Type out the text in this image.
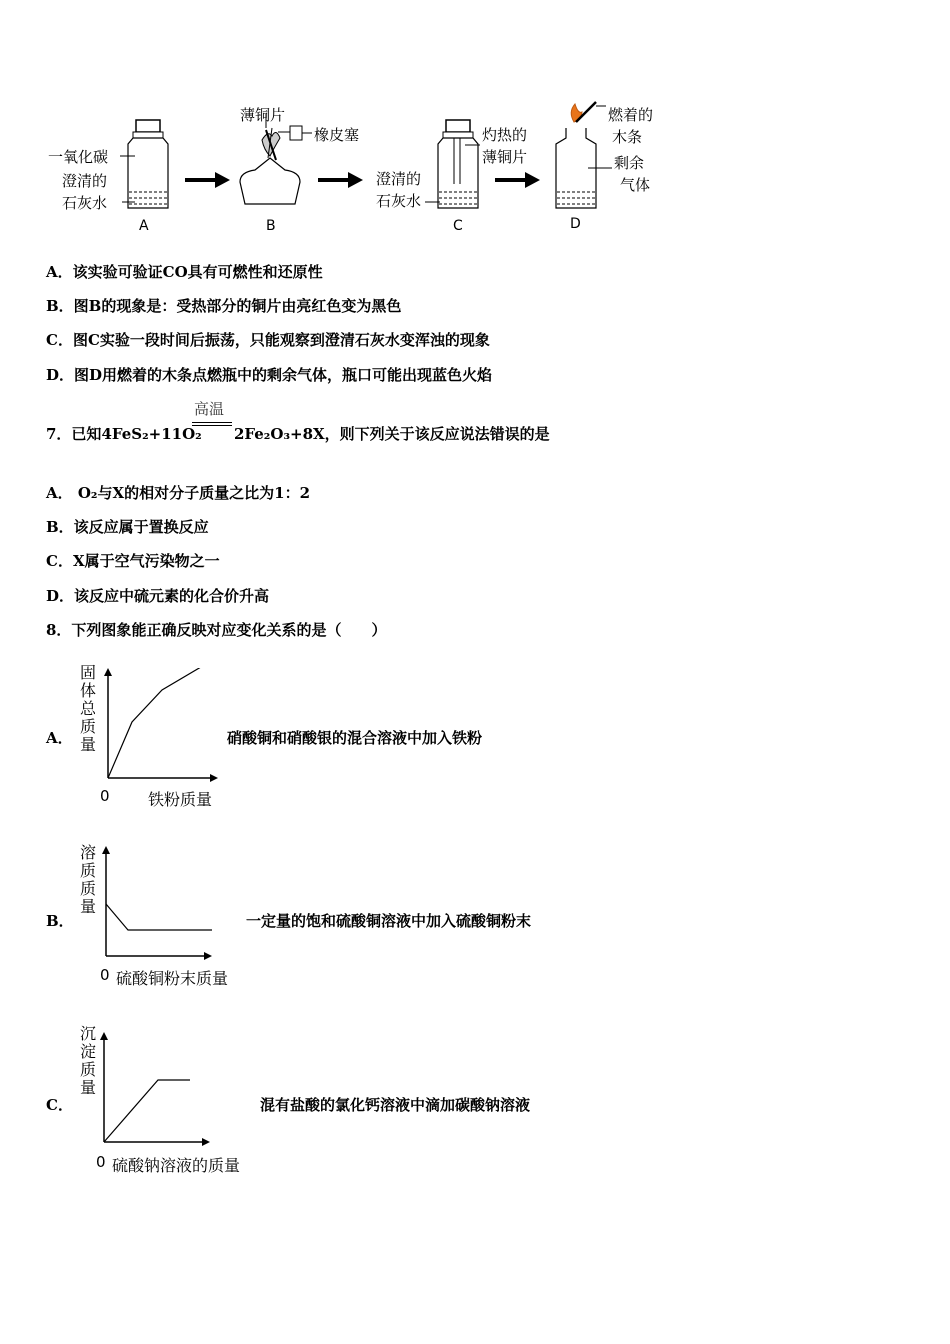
一氧化碳
澄清的
石灰水
薄铜片
橡皮塞	灼热的
薄铜片
澄清的
石灰水
燃着的
木条
剩余
气体
A	B	C	D
A．该实验可验证CO具有可燃性和还原性
B．图B的现象是：受热部分的铜片由亮红色变为黑色
C．图C实验一段时间后振荡，只能观察到澄清石灰水变浑浊的现象
D．图D用燃着的木条点燃瓶中的剩余气体，瓶口可能出现蓝色火焰
7．已知4FeS₂+11O₂
高温
2Fe₂O₃+8X，则下列关于该反应说法错误的是
A． O₂与X的相对分子质量之比为1：2
B．该反应属于置换反应
C．X属于空气污染物之一
D．该反应中硫元素的化合价升高
8．下列图象能正确反映对应变化关系的是（　　）
A．
固
体
总
质
量
0 铁粉质量
硝酸铜和硝酸银的混合溶液中加入铁粉
B．
溶
质
质
量
0 硫酸铜粉末质量
一定量的饱和硫酸铜溶液中加入硫酸铜粉末
C．
沉
淀
质
量
0 硫酸钠溶液的质量
混有盐酸的氯化钙溶液中滴加碳酸钠溶液
